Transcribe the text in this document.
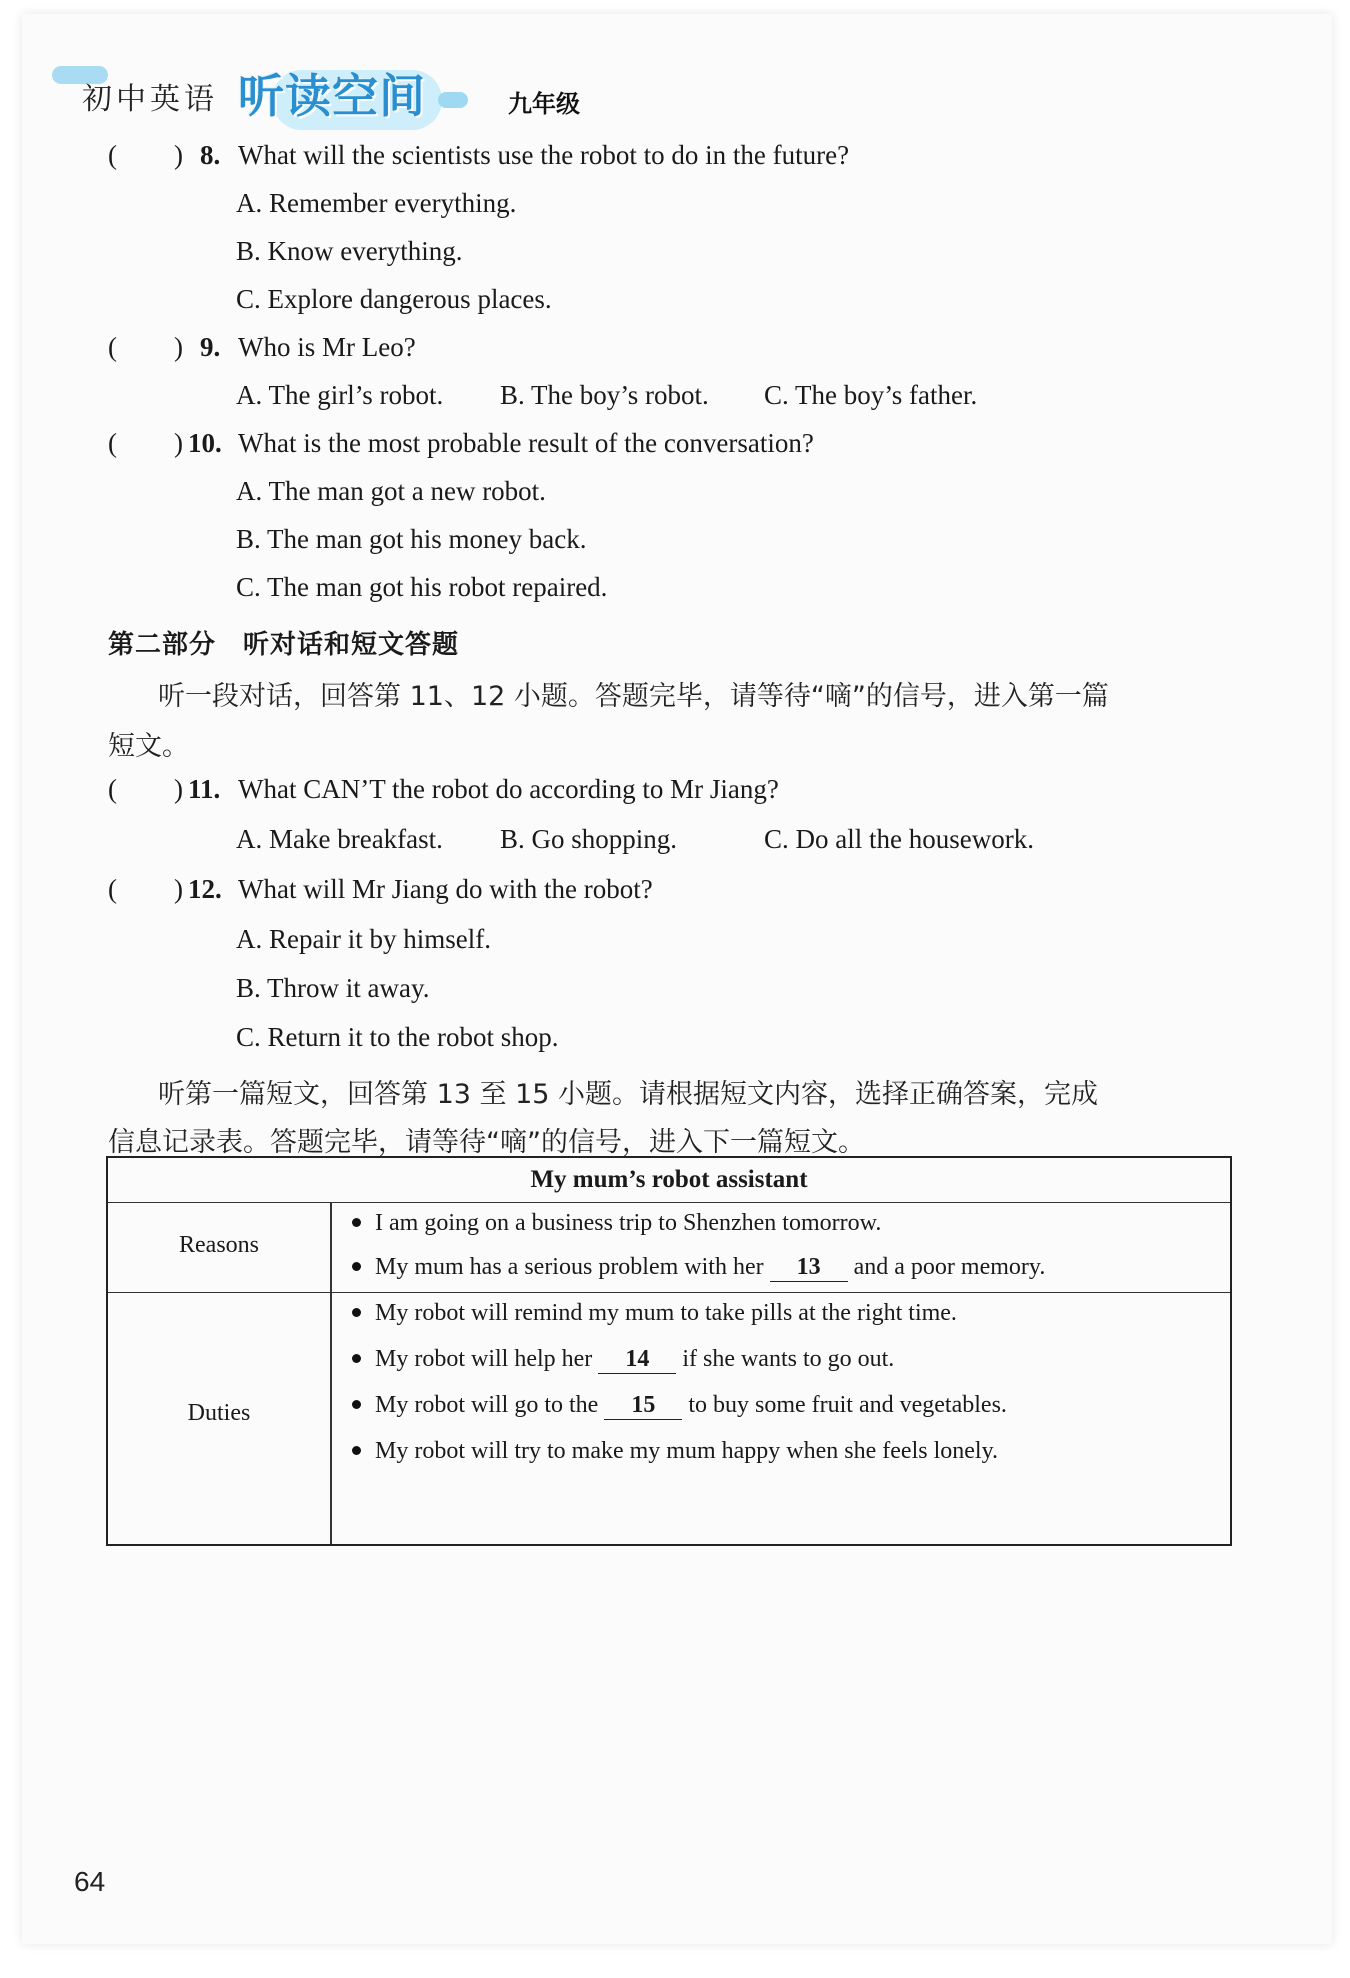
初中英语 听读空间	九年级
( ) 8. What will the scientists use the robot to do in the future?
A. Remember everything.
B. Know everything.
C. Explore dangerous places.
( ) 9. Who is Mr Leo?
A. The girl’s robot. B. The boy’s robot. C. The boy’s father.
( ) 10. What is the most probable result of the conversation?
A. The man got a new robot.
B. The man got his money back.
C. The man got his robot repaired.
第二部分　听对话和短文答题
听一段对话，回答第 11、12 小题。答题完毕，请等待“嘀”的信号，进入第一篇
短文。
( ) 11. What CAN’T the robot do according to Mr Jiang?
A. Make breakfast. B. Go shopping.	C. Do all the housework.
( ) 12. What will Mr Jiang do with the robot?
A. Repair it by himself.
B. Throw it away.
C. Return it to the robot shop.
听第一篇短文，回答第 13 至 15 小题。请根据短文内容，选择正确答案，完成
信息记录表。答题完毕，请等待“嘀”的信号，进入下一篇短文。
My mum’s robot assistant
Reasons
I am going on a business trip to Shenzhen tomorrow.
My mum has a serious problem with her 13 and a poor memory.
Duties
My robot will remind my mum to take pills at the right time.
My robot will help her 14 if she wants to go out.
My robot will go to the 15 to buy some fruit and vegetables.
My robot will try to make my mum happy when she feels lonely.
64
